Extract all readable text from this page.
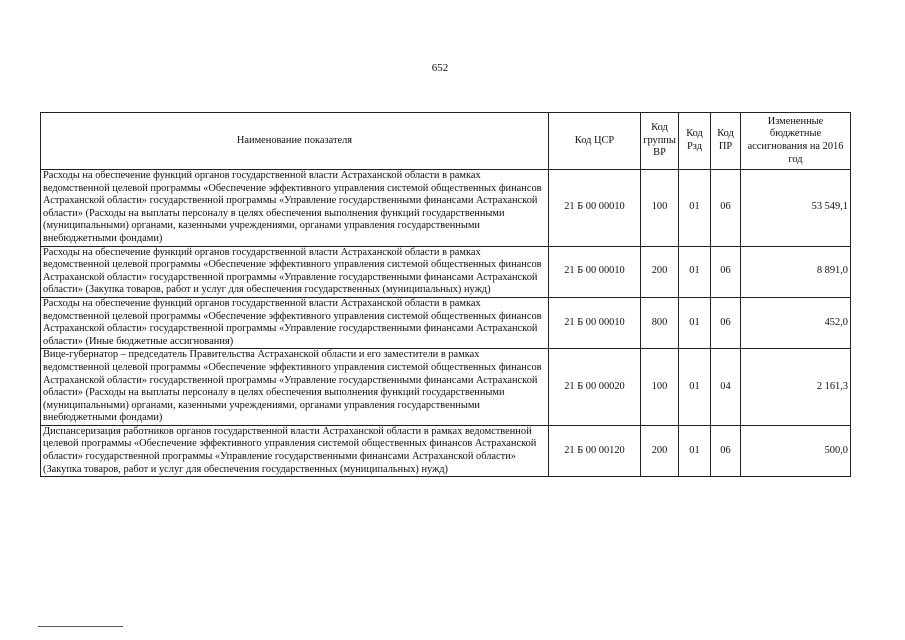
652
Наименование показателя	Код ЦСР	Код группы ВР	Код Рзд	Код ПР	Измененные бюджетные ассигнования на 2016 год
Расходы на обеспечение функций органов государственной власти Астраханской области в рамках ведомственной целевой программы «Обеспечение эффективного управления системой общественных финансов Астраханской области» государственной программы «Управление государственными финансами Астраханской области» (Расходы на выплаты персоналу в целях обеспечения выполнения функций государственными (муниципальными) органами, казенными учреждениями, органами управления государственными внебюджетными фондами)	21 Б 00 00010	100	01	06	53 549,1
Расходы на обеспечение функций органов государственной власти Астраханской области в рамках ведомственной целевой программы «Обеспечение эффективного управления системой общественных финансов Астраханской области» государственной программы «Управление государственными финансами Астраханской области» (Закупка товаров, работ и услуг для обеспечения государственных (муниципальных) нужд)	21 Б 00 00010	200	01	06	8 891,0
Расходы на обеспечение функций органов государственной власти Астраханской области в рамках ведомственной целевой программы «Обеспечение эффективного управления системой общественных финансов Астраханской области» государственной программы «Управление государственными финансами Астраханской области» (Иные бюджетные ассигнования)	21 Б 00 00010	800	01	06	452,0
Вице-губернатор – председатель Правительства Астраханской области и его заместители в рамках ведомственной целевой программы «Обеспечение эффективного управления системой общественных финансов Астраханской области» государственной программы «Управление государственными финансами Астраханской области» (Расходы на выплаты персоналу в целях обеспечения выполнения функций государственными (муниципальными) органами, казенными учреждениями, органами управления государственными внебюджетными фондами)	21 Б 00 00020	100	01	04	2 161,3
Диспансеризация работников органов государственной власти Астраханской области в рамках ведомственной целевой программы «Обеспечение эффективного управления системой общественных финансов Астраханской области» государственной программы «Управление государственными финансами Астраханской области» (Закупка товаров, работ и услуг для обеспечения государственных (муниципальных) нужд)	21 Б 00 00120	200	01	06	500,0
